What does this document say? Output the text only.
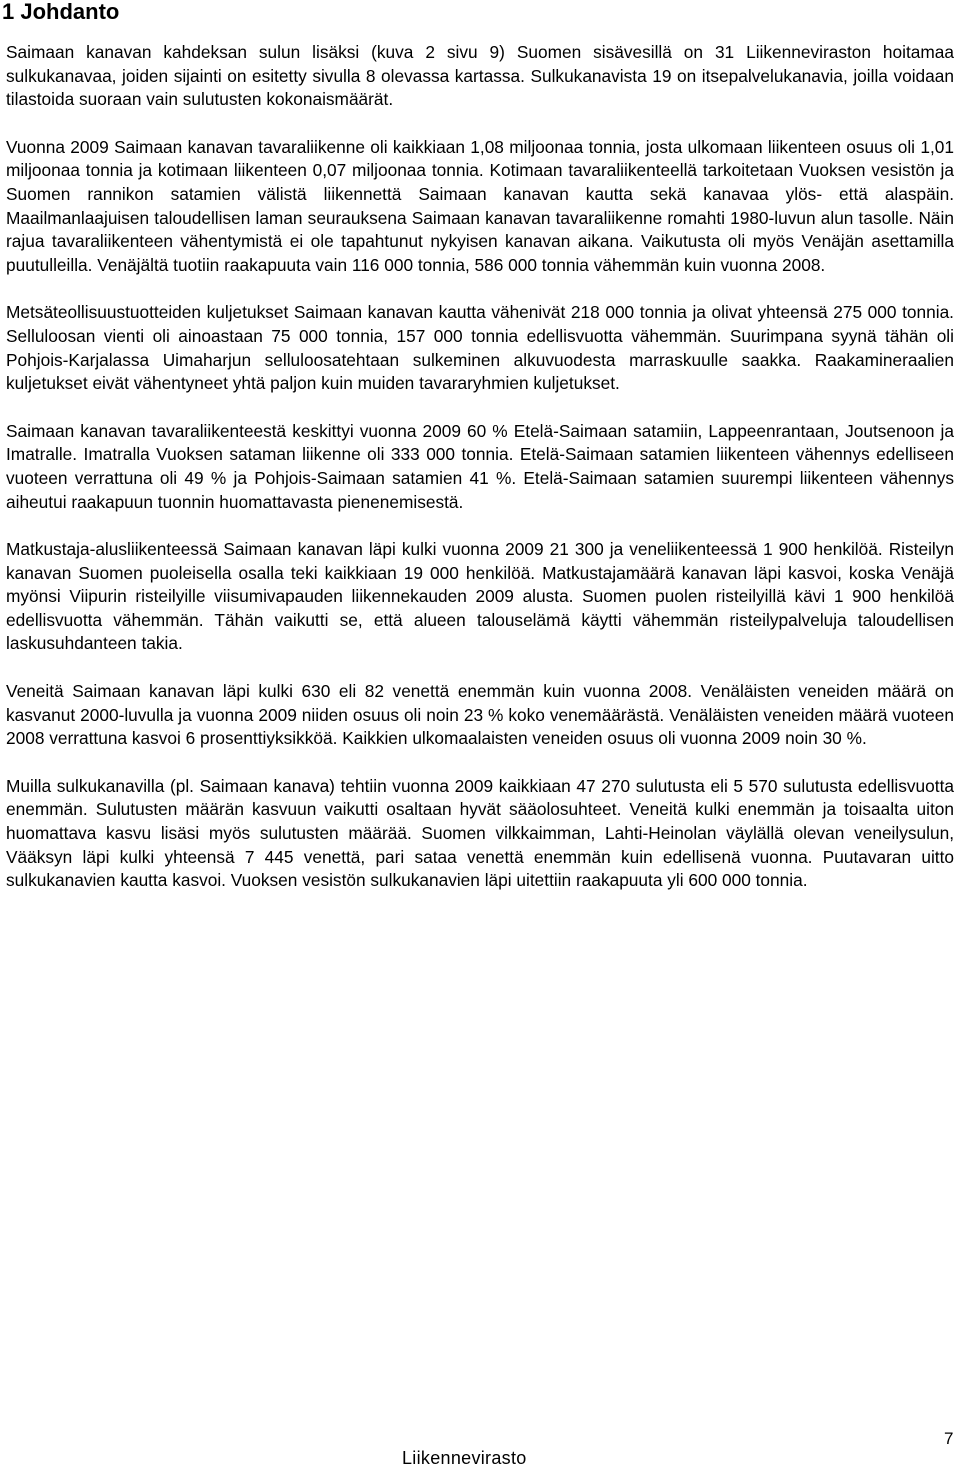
1 Johdanto

Saimaan kanavan kahdeksan sulun lisäksi (kuva 2 sivu 9) Suomen sisävesillä on 31 Liikenneviraston hoitamaa sulkukanavaa, joiden sijainti on esitetty sivulla 8 olevassa kartassa. Sulkukanavista 19 on itsepalvelukanavia, joilla voidaan tilastoida suoraan vain sulutusten kokonaismäärät.

Vuonna 2009 Saimaan kanavan tavaraliikenne oli kaikkiaan 1,08 miljoonaa tonnia, josta ulkomaan liikenteen osuus oli 1,01 miljoonaa tonnia ja kotimaan liikenteen 0,07 miljoonaa tonnia. Kotimaan tavaraliikenteellä tarkoitetaan Vuoksen vesistön ja Suomen rannikon satamien välistä liikennettä Saimaan kanavan kautta sekä kanavaa ylös- että alaspäin. Maailmanlaajuisen taloudellisen laman seurauksena Saimaan kanavan tavaraliikenne romahti 1980-luvun alun tasolle. Näin rajua tavaraliikenteen vähentymistä ei ole tapahtunut nykyisen kanavan aikana. Vaikutusta oli myös Venäjän asettamilla puutulleilla. Venäjältä tuotiin raakapuuta vain 116 000 tonnia, 586 000 tonnia vähemmän kuin vuonna 2008.

Metsäteollisuustuotteiden kuljetukset Saimaan kanavan kautta vähenivät 218 000 tonnia ja olivat yhteensä 275 000 tonnia. Selluloosan vienti oli ainoastaan 75 000 tonnia, 157 000 tonnia edellisvuotta vähemmän. Suurimpana syynä tähän oli Pohjois-Karjalassa Uimaharjun selluloosatehtaan sulkeminen alkuvuodesta marraskuulle saakka. Raakamineraalien kuljetukset eivät vähentyneet yhtä paljon kuin muiden tavararyhmien kuljetukset.

Saimaan kanavan tavaraliikenteestä keskittyi vuonna 2009 60 % Etelä-Saimaan satamiin, Lappeenrantaan, Joutsenoon ja Imatralle. Imatralla Vuoksen sataman liikenne oli 333 000 tonnia. Etelä-Saimaan satamien liikenteen vähennys edelliseen vuoteen verrattuna oli 49 % ja Pohjois-Saimaan satamien 41 %. Etelä-Saimaan satamien suurempi liikenteen vähennys aiheutui raakapuun tuonnin huomattavasta pienenemisestä.

Matkustaja-alusliikenteessä Saimaan kanavan läpi kulki vuonna 2009 21 300 ja veneliikenteessä 1 900 henkilöä. Risteilyn kanavan Suomen puoleisella osalla teki kaikkiaan 19 000 henkilöä. Matkustajamäärä kanavan läpi kasvoi, koska Venäjä myönsi Viipurin risteilyille viisumivapauden liikennekauden 2009 alusta. Suomen puolen risteilyillä kävi 1 900 henkilöä edellisvuotta vähemmän. Tähän vaikutti se, että alueen talouselämä käytti vähemmän risteilypalveluja taloudellisen laskusuhdanteen takia.

Veneitä Saimaan kanavan läpi kulki 630 eli 82 venettä enemmän kuin vuonna 2008. Venäläisten veneiden määrä on kasvanut 2000-luvulla ja vuonna 2009 niiden osuus oli noin 23 % koko venemäärästä. Venäläisten veneiden määrä vuoteen 2008 verrattuna kasvoi 6 prosenttiyksikköä. Kaikkien ulkomaalaisten veneiden osuus oli vuonna 2009 noin 30 %.

Muilla sulkukanavilla (pl. Saimaan kanava) tehtiin vuonna 2009 kaikkiaan 47 270 sulutusta eli 5 570 sulutusta edellisvuotta enemmän. Sulutusten määrän kasvuun vaikutti osaltaan hyvät sääolosuhteet. Veneitä kulki enemmän ja toisaalta uiton huomattava kasvu lisäsi myös sulutusten määrää. Suomen vilkkaimman, Lahti-Heinolan väylällä olevan veneilysulun, Vääksyn läpi kulki yhteensä 7 445 venettä, pari sataa venettä enemmän kuin edellisenä vuonna. Puutavaran uitto sulkukanavien kautta kasvoi. Vuoksen vesistön sulkukanavien läpi uitettiin raakapuuta yli 600 000 tonnia.

Liikennevirasto
7
